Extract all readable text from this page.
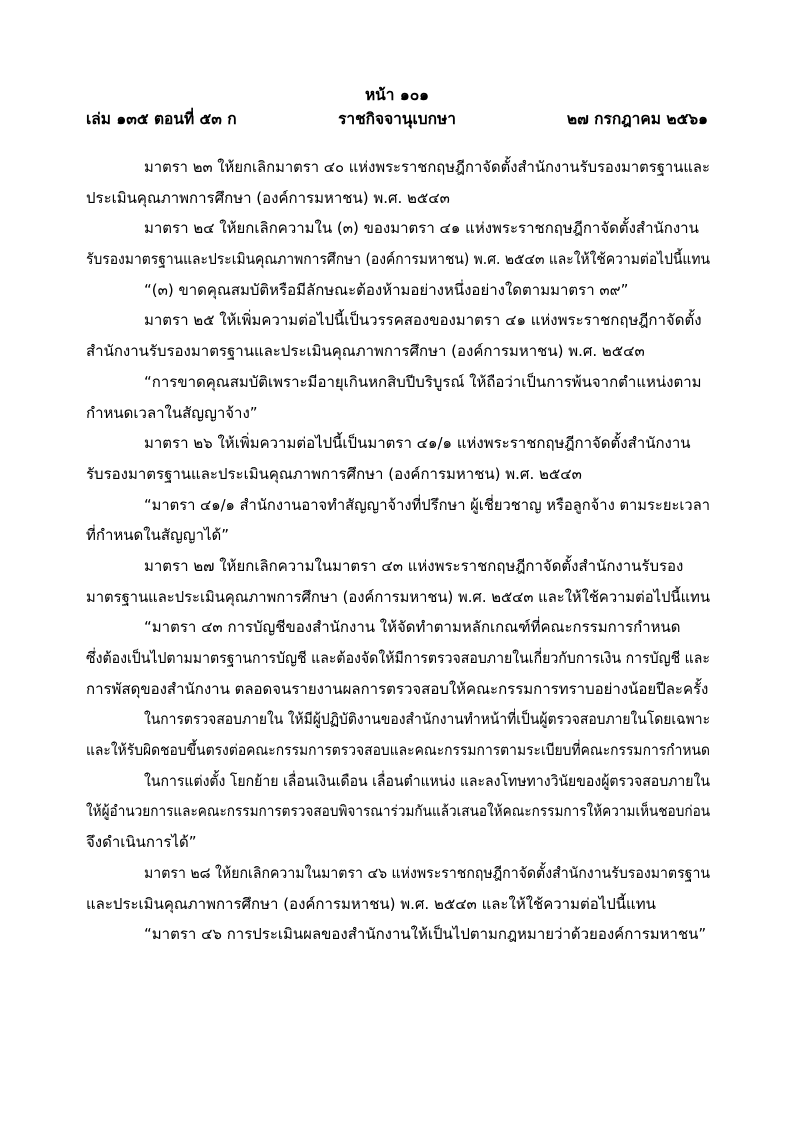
หน้า ๑๐๑
เล่ม ๑๓๕ ตอนที่ ๕๓ ก	ราชกิจจานุเบกษา	๒๗ กรกฎาคม ๒๕๖๑
มาตรา ๒๓ ให้ยกเลิกมาตรา ๔๐ แห่งพระราชกฤษฎีกาจัดตั้งสำนักงานรับรองมาตรฐานและ
ประเมินคุณภาพการศึกษา (องค์การมหาชน) พ.ศ. ๒๕๔๓
มาตรา ๒๔ ให้ยกเลิกความใน (๓) ของมาตรา ๔๑ แห่งพระราชกฤษฎีกาจัดตั้งสำนักงาน
รับรองมาตรฐานและประเมินคุณภาพการศึกษา (องค์การมหาชน) พ.ศ. ๒๕๔๓ และให้ใช้ความต่อไปนี้แทน
“(๓) ขาดคุณสมบัติหรือมีลักษณะต้องห้ามอย่างหนึ่งอย่างใดตามมาตรา ๓๙”
มาตรา ๒๕ ให้เพิ่มความต่อไปนี้เป็นวรรคสองของมาตรา ๔๑ แห่งพระราชกฤษฎีกาจัดตั้ง
สำนักงานรับรองมาตรฐานและประเมินคุณภาพการศึกษา (องค์การมหาชน) พ.ศ. ๒๕๔๓
“การขาดคุณสมบัติเพราะมีอายุเกินหกสิบปีบริบูรณ์ ให้ถือว่าเป็นการพ้นจากตำแหน่งตาม
กำหนดเวลาในสัญญาจ้าง”
มาตรา ๒๖ ให้เพิ่มความต่อไปนี้เป็นมาตรา ๔๑/๑ แห่งพระราชกฤษฎีกาจัดตั้งสำนักงาน
รับรองมาตรฐานและประเมินคุณภาพการศึกษา (องค์การมหาชน) พ.ศ. ๒๕๔๓
“มาตรา ๔๑/๑ สำนักงานอาจทำสัญญาจ้างที่ปรึกษา ผู้เชี่ยวชาญ หรือลูกจ้าง ตามระยะเวลา
ที่กำหนดในสัญญาได้”
มาตรา ๒๗ ให้ยกเลิกความในมาตรา ๔๓ แห่งพระราชกฤษฎีกาจัดตั้งสำนักงานรับรอง
มาตรฐานและประเมินคุณภาพการศึกษา (องค์การมหาชน) พ.ศ. ๒๕๔๓ และให้ใช้ความต่อไปนี้แทน
“มาตรา ๔๓ การบัญชีของสำนักงาน ให้จัดทำตามหลักเกณฑ์ที่คณะกรรมการกำหนด
ซึ่งต้องเป็นไปตามมาตรฐานการบัญชี และต้องจัดให้มีการตรวจสอบภายในเกี่ยวกับการเงิน การบัญชี และ
การพัสดุของสำนักงาน ตลอดจนรายงานผลการตรวจสอบให้คณะกรรมการทราบอย่างน้อยปีละครั้ง
ในการตรวจสอบภายใน ให้มีผู้ปฏิบัติงานของสำนักงานทำหน้าที่เป็นผู้ตรวจสอบภายในโดยเฉพาะ
และให้รับผิดชอบขึ้นตรงต่อคณะกรรมการตรวจสอบและคณะกรรมการตามระเบียบที่คณะกรรมการกำหนด
ในการแต่งตั้ง โยกย้าย เลื่อนเงินเดือน เลื่อนตำแหน่ง และลงโทษทางวินัยของผู้ตรวจสอบภายใน
ให้ผู้อำนวยการและคณะกรรมการตรวจสอบพิจารณาร่วมกันแล้วเสนอให้คณะกรรมการให้ความเห็นชอบก่อน
จึงดำเนินการได้”
มาตรา ๒๘ ให้ยกเลิกความในมาตรา ๔๖ แห่งพระราชกฤษฎีกาจัดตั้งสำนักงานรับรองมาตรฐาน
และประเมินคุณภาพการศึกษา (องค์การมหาชน) พ.ศ. ๒๕๔๓ และให้ใช้ความต่อไปนี้แทน
“มาตรา ๔๖ การประเมินผลของสำนักงานให้เป็นไปตามกฎหมายว่าด้วยองค์การมหาชน”
